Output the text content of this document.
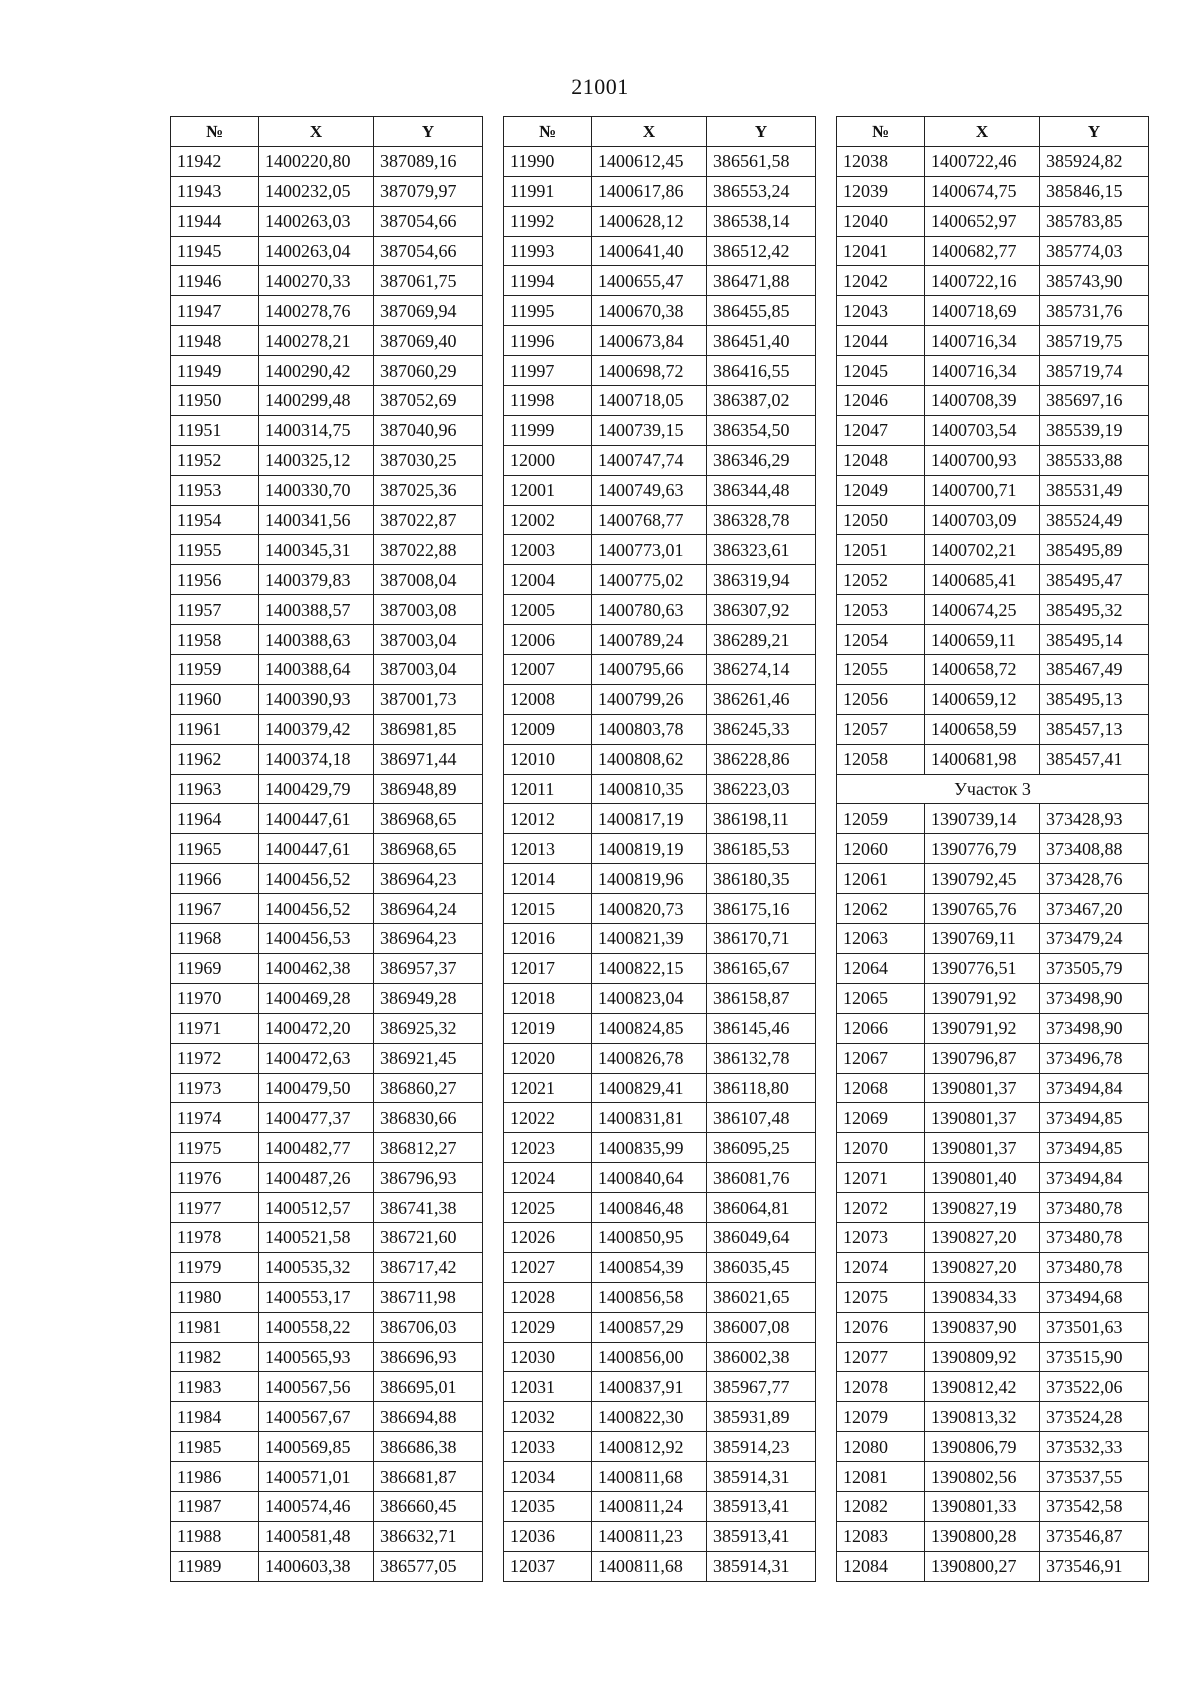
21001
№	X	Y
11942	1400220,80	387089,16
11943	1400232,05	387079,97
11944	1400263,03	387054,66
11945	1400263,04	387054,66
11946	1400270,33	387061,75
11947	1400278,76	387069,94
11948	1400278,21	387069,40
11949	1400290,42	387060,29
11950	1400299,48	387052,69
11951	1400314,75	387040,96
11952	1400325,12	387030,25
11953	1400330,70	387025,36
11954	1400341,56	387022,87
11955	1400345,31	387022,88
11956	1400379,83	387008,04
11957	1400388,57	387003,08
11958	1400388,63	387003,04
11959	1400388,64	387003,04
11960	1400390,93	387001,73
11961	1400379,42	386981,85
11962	1400374,18	386971,44
11963	1400429,79	386948,89
11964	1400447,61	386968,65
11965	1400447,61	386968,65
11966	1400456,52	386964,23
11967	1400456,52	386964,24
11968	1400456,53	386964,23
11969	1400462,38	386957,37
11970	1400469,28	386949,28
11971	1400472,20	386925,32
11972	1400472,63	386921,45
11973	1400479,50	386860,27
11974	1400477,37	386830,66
11975	1400482,77	386812,27
11976	1400487,26	386796,93
11977	1400512,57	386741,38
11978	1400521,58	386721,60
11979	1400535,32	386717,42
11980	1400553,17	386711,98
11981	1400558,22	386706,03
11982	1400565,93	386696,93
11983	1400567,56	386695,01
11984	1400567,67	386694,88
11985	1400569,85	386686,38
11986	1400571,01	386681,87
11987	1400574,46	386660,45
11988	1400581,48	386632,71
11989	1400603,38	386577,05
№	X	Y
11990	1400612,45	386561,58
11991	1400617,86	386553,24
11992	1400628,12	386538,14
11993	1400641,40	386512,42
11994	1400655,47	386471,88
11995	1400670,38	386455,85
11996	1400673,84	386451,40
11997	1400698,72	386416,55
11998	1400718,05	386387,02
11999	1400739,15	386354,50
12000	1400747,74	386346,29
12001	1400749,63	386344,48
12002	1400768,77	386328,78
12003	1400773,01	386323,61
12004	1400775,02	386319,94
12005	1400780,63	386307,92
12006	1400789,24	386289,21
12007	1400795,66	386274,14
12008	1400799,26	386261,46
12009	1400803,78	386245,33
12010	1400808,62	386228,86
12011	1400810,35	386223,03
12012	1400817,19	386198,11
12013	1400819,19	386185,53
12014	1400819,96	386180,35
12015	1400820,73	386175,16
12016	1400821,39	386170,71
12017	1400822,15	386165,67
12018	1400823,04	386158,87
12019	1400824,85	386145,46
12020	1400826,78	386132,78
12021	1400829,41	386118,80
12022	1400831,81	386107,48
12023	1400835,99	386095,25
12024	1400840,64	386081,76
12025	1400846,48	386064,81
12026	1400850,95	386049,64
12027	1400854,39	386035,45
12028	1400856,58	386021,65
12029	1400857,29	386007,08
12030	1400856,00	386002,38
12031	1400837,91	385967,77
12032	1400822,30	385931,89
12033	1400812,92	385914,23
12034	1400811,68	385914,31
12035	1400811,24	385913,41
12036	1400811,23	385913,41
12037	1400811,68	385914,31
№	X	Y
12038	1400722,46	385924,82
12039	1400674,75	385846,15
12040	1400652,97	385783,85
12041	1400682,77	385774,03
12042	1400722,16	385743,90
12043	1400718,69	385731,76
12044	1400716,34	385719,75
12045	1400716,34	385719,74
12046	1400708,39	385697,16
12047	1400703,54	385539,19
12048	1400700,93	385533,88
12049	1400700,71	385531,49
12050	1400703,09	385524,49
12051	1400702,21	385495,89
12052	1400685,41	385495,47
12053	1400674,25	385495,32
12054	1400659,11	385495,14
12055	1400658,72	385467,49
12056	1400659,12	385495,13
12057	1400658,59	385457,13
12058	1400681,98	385457,41
Участок 3		
12059	1390739,14	373428,93
12060	1390776,79	373408,88
12061	1390792,45	373428,76
12062	1390765,76	373467,20
12063	1390769,11	373479,24
12064	1390776,51	373505,79
12065	1390791,92	373498,90
12066	1390791,92	373498,90
12067	1390796,87	373496,78
12068	1390801,37	373494,84
12069	1390801,37	373494,85
12070	1390801,37	373494,85
12071	1390801,40	373494,84
12072	1390827,19	373480,78
12073	1390827,20	373480,78
12074	1390827,20	373480,78
12075	1390834,33	373494,68
12076	1390837,90	373501,63
12077	1390809,92	373515,90
12078	1390812,42	373522,06
12079	1390813,32	373524,28
12080	1390806,79	373532,33
12081	1390802,56	373537,55
12082	1390801,33	373542,58
12083	1390800,28	373546,87
12084	1390800,27	373546,91
